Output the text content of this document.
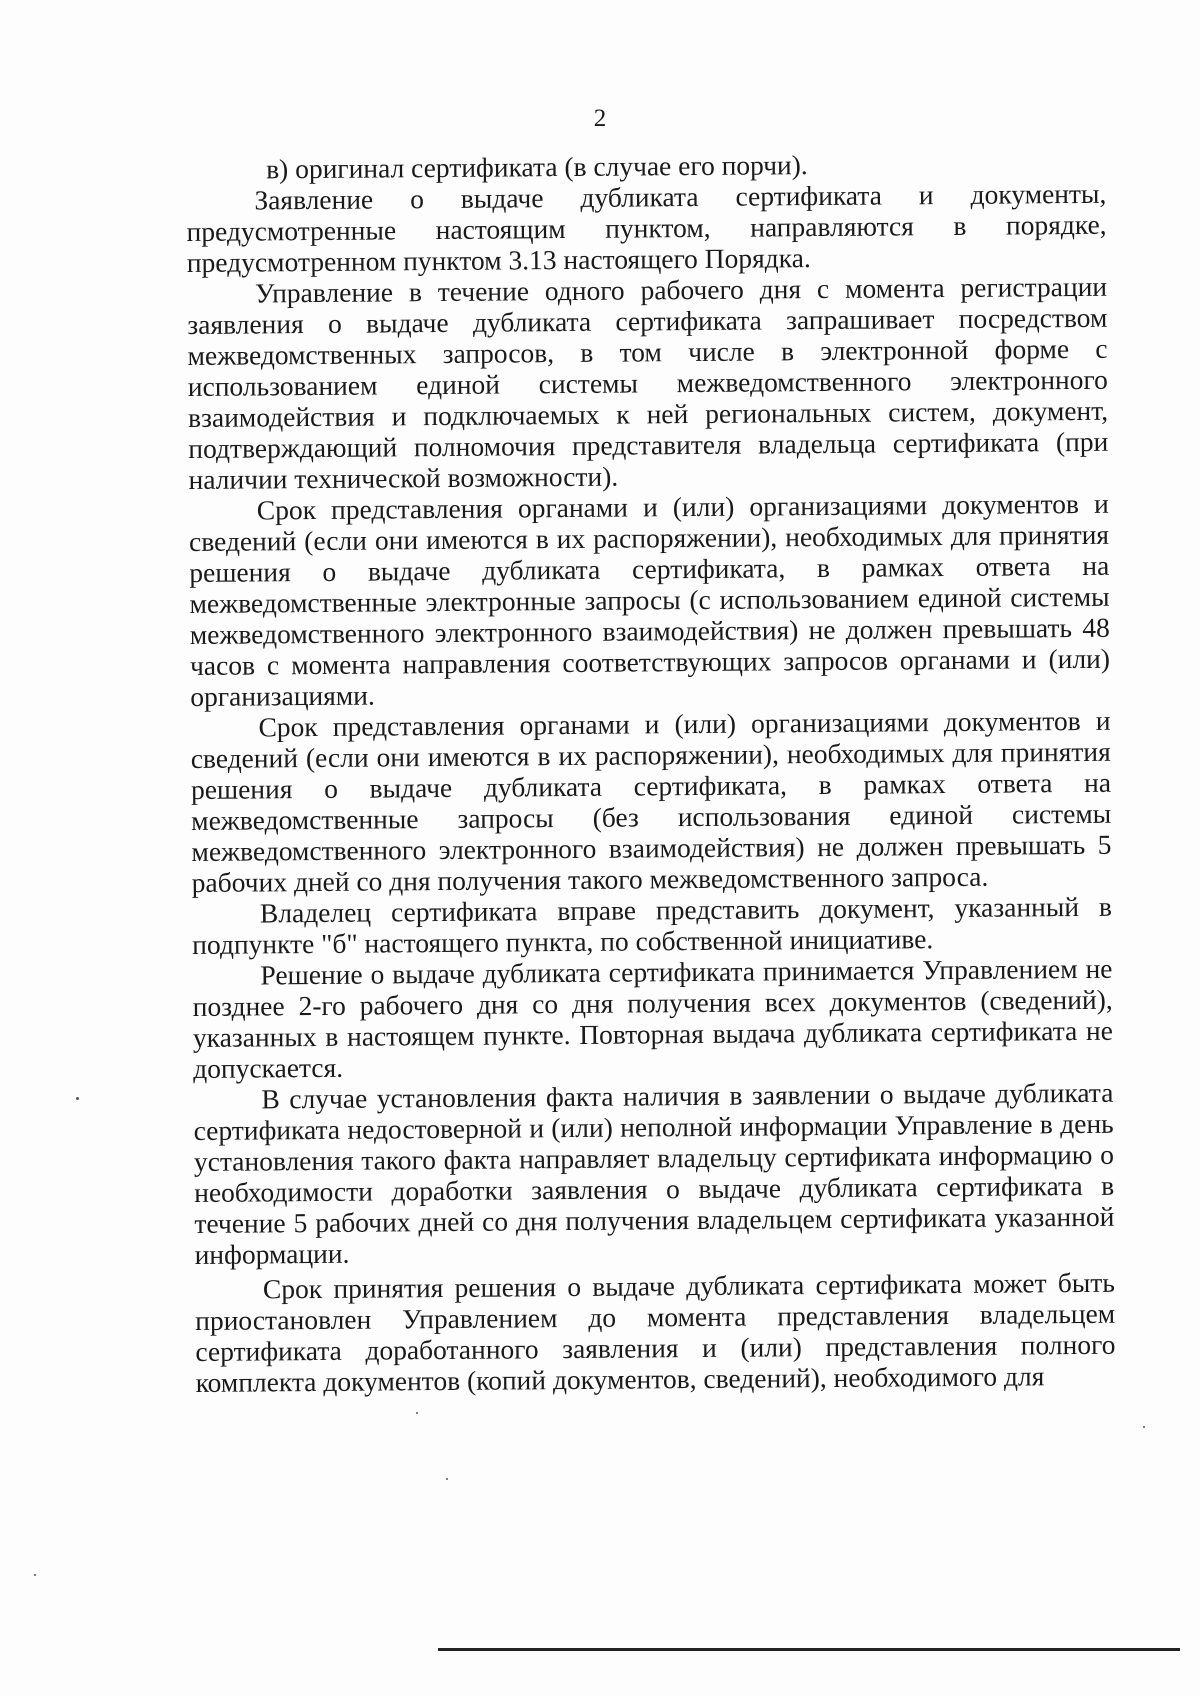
2

в) оригинал сертификата (в случае его порчи).

Заявление о выдаче дубликата сертификата и документы, предусмотренные настоящим пунктом, направляются в порядке, предусмотренном пунктом 3.13 настоящего Порядка.

Управление в течение одного рабочего дня с момента регистрации заявления о выдаче дубликата сертификата запрашивает посредством межведомственных запросов, в том числе в электронной форме с использованием единой системы межведомственного электронного взаимодействия и подключаемых к ней региональных систем, документ, подтверждающий полномочия представителя владельца сертификата (при наличии технической возможности).

Срок представления органами и (или) организациями документов и сведений (если они имеются в их распоряжении), необходимых для принятия решения о выдаче дубликата сертификата, в рамках ответа на межведомственные электронные запросы (с использованием единой системы межведомственного электронного взаимодействия) не должен превышать 48 часов с момента направления соответствующих запросов органами и (или) организациями.

Срок представления органами и (или) организациями документов и сведений (если они имеются в их распоряжении), необходимых для принятия решения о выдаче дубликата сертификата, в рамках ответа на межведомственные запросы (без использования единой системы межведомственного электронного взаимодействия) не должен превышать 5 рабочих дней со дня получения такого межведомственного запроса.

Владелец сертификата вправе представить документ, указанный в подпункте "б" настоящего пункта, по собственной инициативе.

Решение о выдаче дубликата сертификата принимается Управлением не позднее 2-го рабочего дня со дня получения всех документов (сведений), указанных в настоящем пункте. Повторная выдача дубликата сертификата не допускается.

В случае установления факта наличия в заявлении о выдаче дубликата сертификата недостоверной и (или) неполной информации Управление в день установления такого факта направляет владельцу сертификата информацию о необходимости доработки заявления о выдаче дубликата сертификата в течение 5 рабочих дней со дня получения владельцем сертификата указанной информации.

Срок принятия решения о выдаче дубликата сертификата может быть приостановлен Управлением до момента представления владельцем сертификата доработанного заявления и (или) представления полного комплекта документов (копий документов, сведений), необходимого для
